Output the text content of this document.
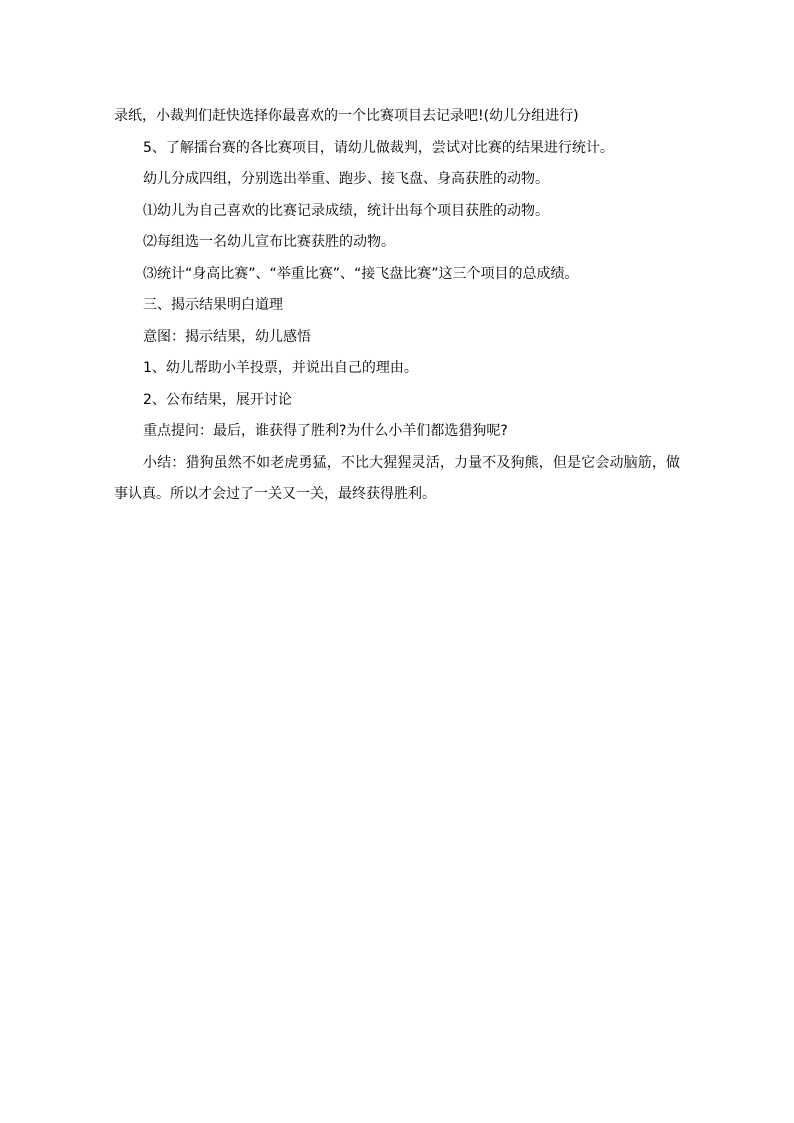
录纸，小裁判们赶快选择你最喜欢的一个比赛项目去记录吧!(幼儿分组进行)

5、了解擂台赛的各比赛项目，请幼儿做裁判，尝试对比赛的结果进行统计。

幼儿分成四组，分别选出举重、跑步、接飞盘、身高获胜的动物。

⑴幼儿为自己喜欢的比赛记录成绩，统计出每个项目获胜的动物。

⑵每组选一名幼儿宣布比赛获胜的动物。

⑶统计“身高比赛”、“举重比赛”、“接飞盘比赛”这三个项目的总成绩。

三、揭示结果明白道理

意图：揭示结果，幼儿感悟

1、幼儿帮助小羊投票，并说出自己的理由。

2、公布结果，展开讨论

重点提问：最后，谁获得了胜利?为什么小羊们都选猎狗呢?

小结：猎狗虽然不如老虎勇猛，不比大猩猩灵活，力量不及狗熊，但是它会动脑筋，做事认真。所以才会过了一关又一关，最终获得胜利。
